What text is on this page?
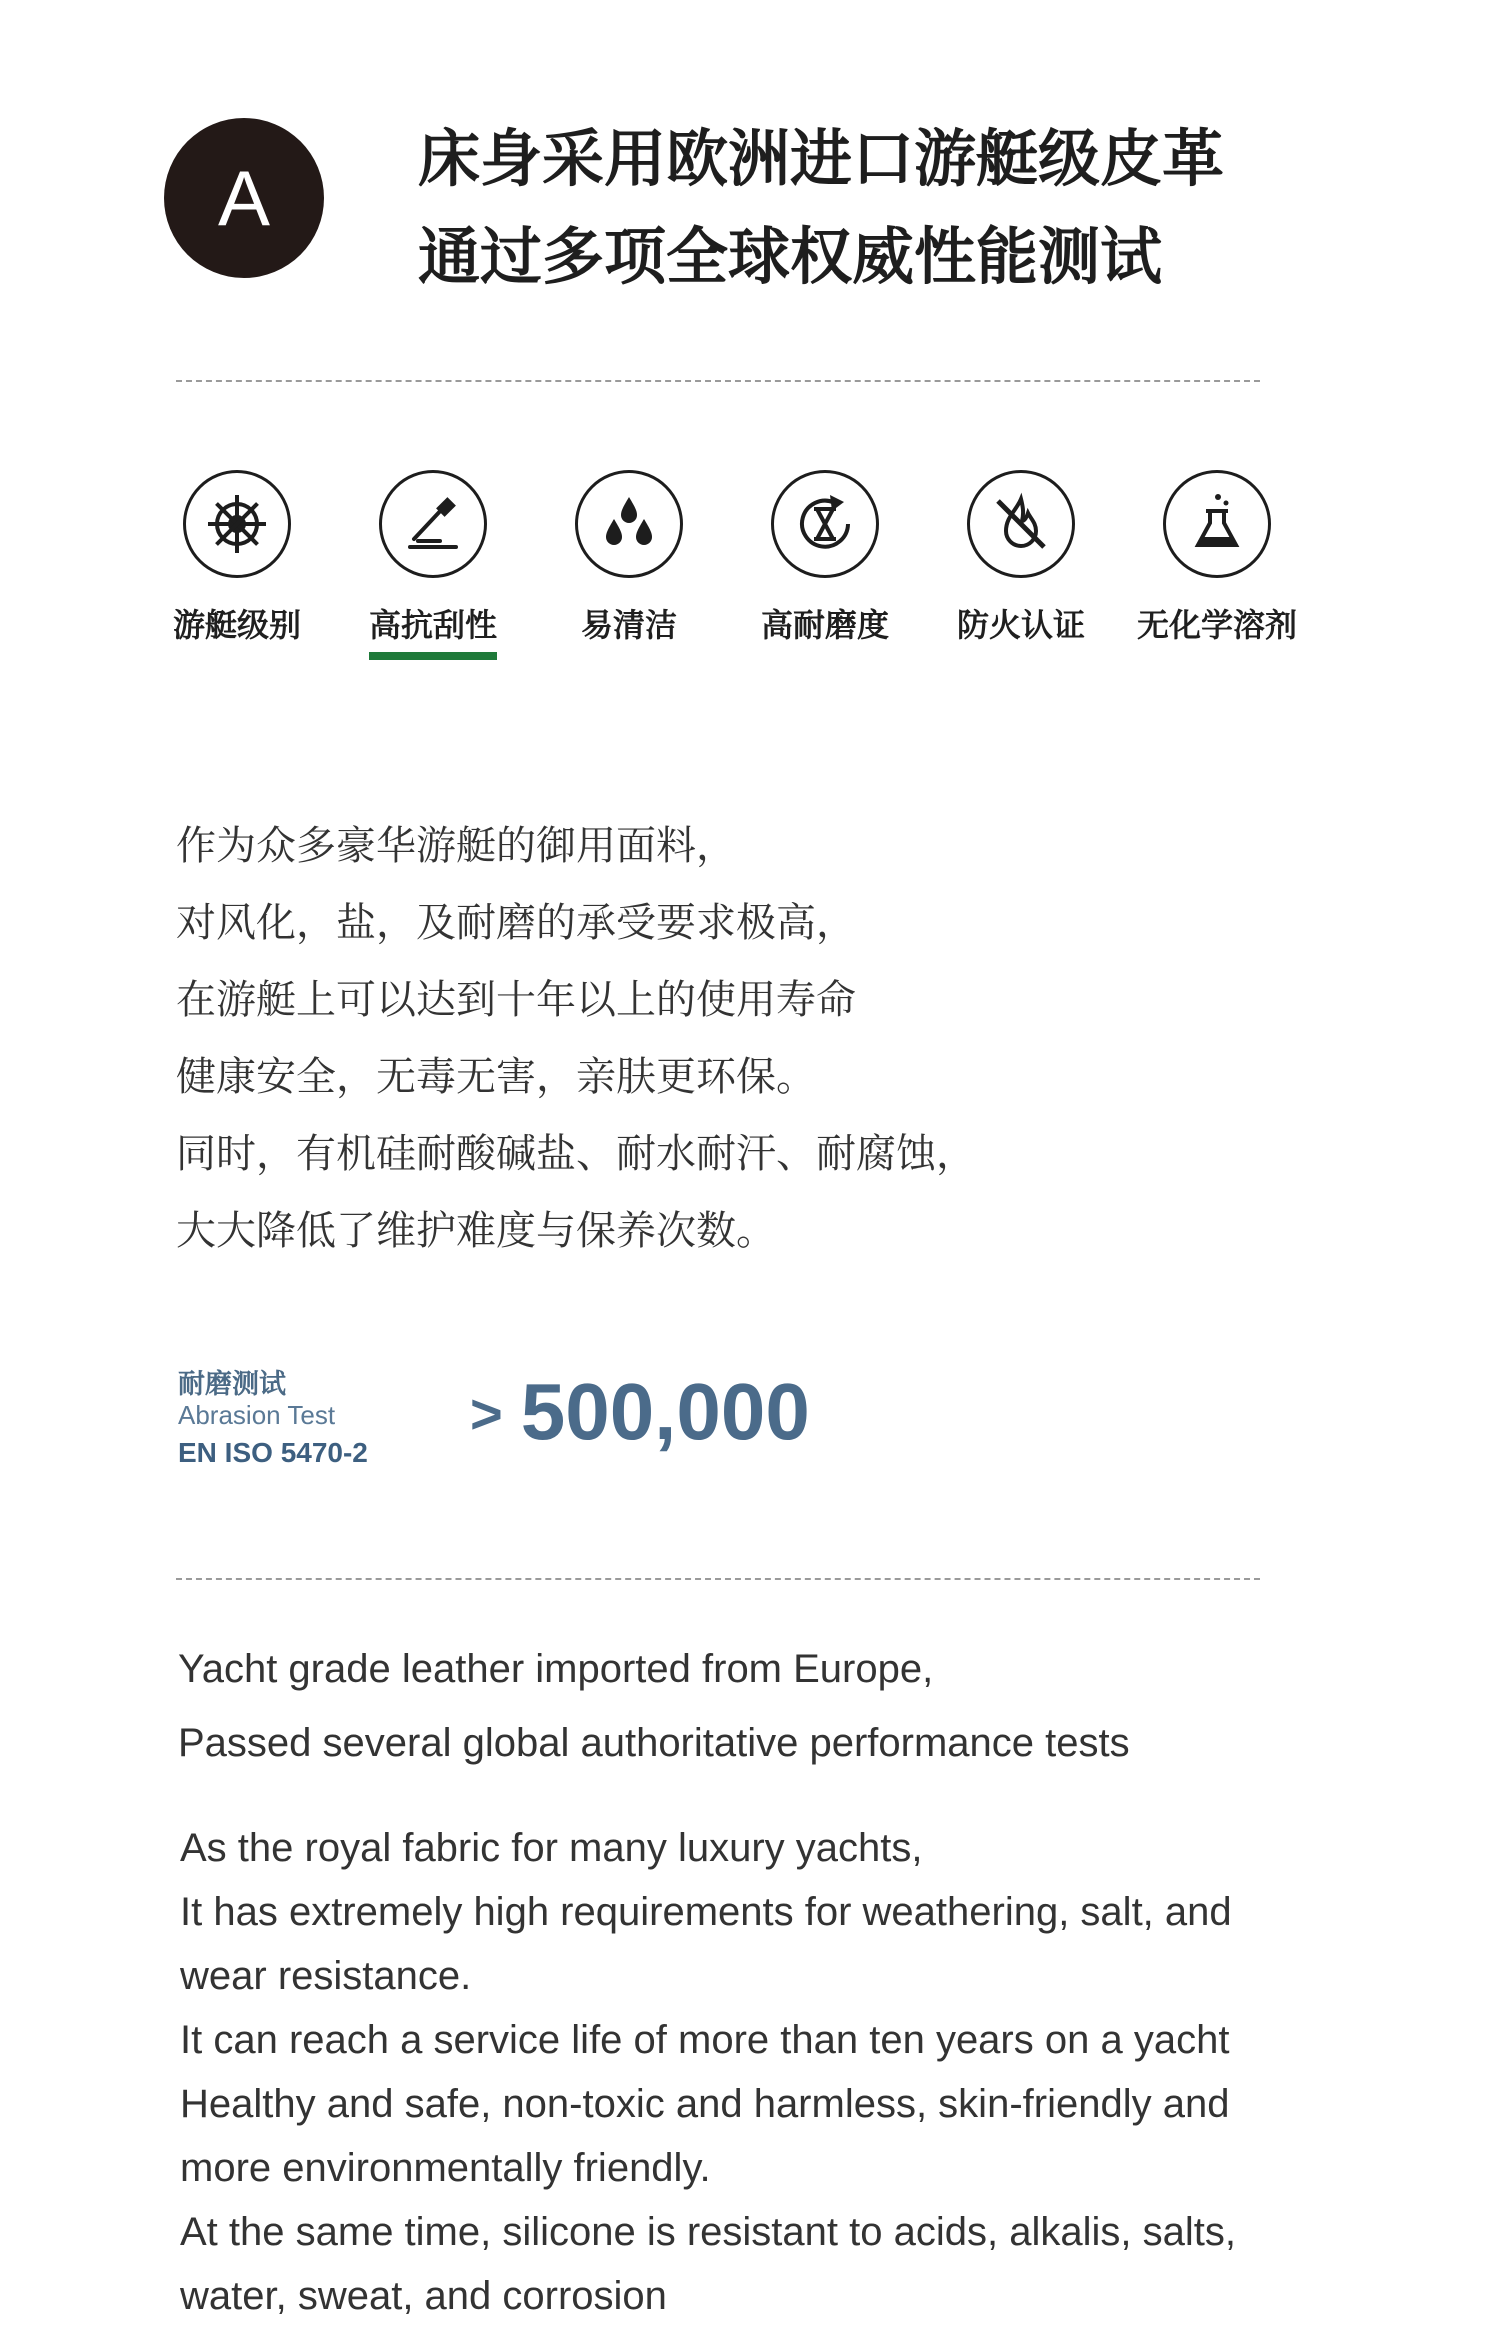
A 床身采用欧洲进口游艇级皮革
通过多项全球权威性能测试
游艇级别	高抗刮性	易清洁	高耐磨度	防火认证	无化学溶剂
作为众多豪华游艇的御用面料，
对风化，盐，及耐磨的承受要求极高，
在游艇上可以达到十年以上的使用寿命
健康安全，无毒无害，亲肤更环保。
同时，有机硅耐酸碱盐、耐水耐汗、耐腐蚀，
大大降低了维护难度与保养次数。
耐磨测试
Abrasion Test
EN ISO 5470-2
> 500,000
Yacht grade leather imported from Europe,
Passed several global authoritative performance tests
As the royal fabric for many luxury yachts,
It has extremely high requirements for weathering, salt, and
wear resistance.
It can reach a service life of more than ten years on a yacht
Healthy and safe, non-toxic and harmless, skin-friendly and
more environmentally friendly.
At the same time, silicone is resistant to acids, alkalis, salts,
water, sweat, and corrosion
